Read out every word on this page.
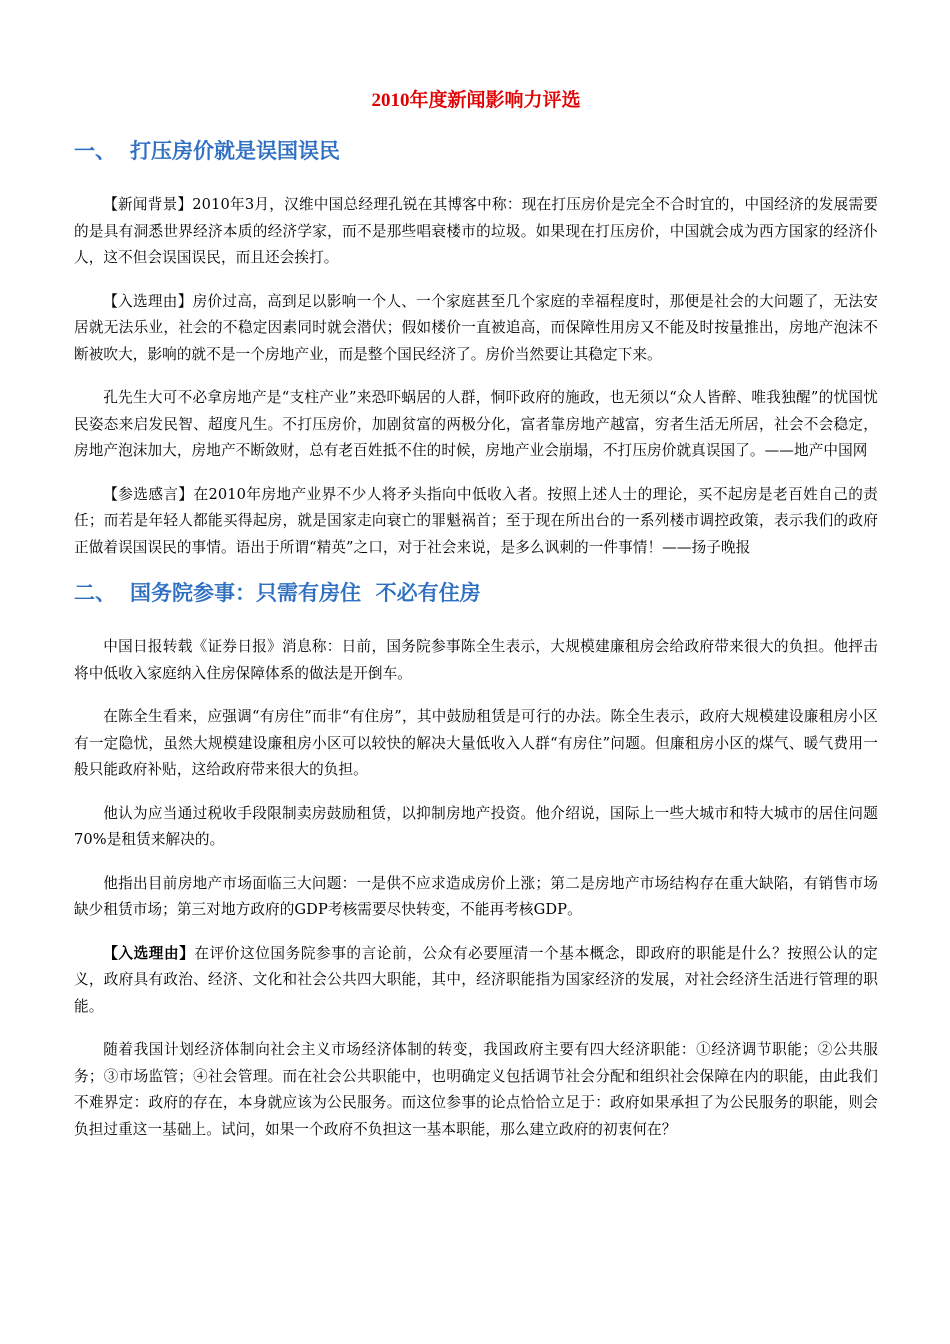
2010年度新闻影响力评选
一、 打压房价就是误国误民

【新闻背景】2010年3月，汉维中国总经理孔锐在其博客中称：现在打压房价是完全不合时宜的，中国经济的发展需要的是具有洞悉世界经济本质的经济学家，而不是那些唱衰楼市的垃圾。如果现在打压房价，中国就会成为西方国家的经济仆人，这不但会误国误民，而且还会挨打。

【入选理由】房价过高，高到足以影响一个人、一个家庭甚至几个家庭的幸福程度时，那便是社会的大问题了，无法安居就无法乐业，社会的不稳定因素同时就会潜伏；假如楼价一直被追高，而保障性用房又不能及时按量推出，房地产泡沫不断被吹大，影响的就不是一个房地产业，而是整个国民经济了。房价当然要让其稳定下来。

孔先生大可不必拿房地产是“支柱产业”来恐吓蜗居的人群，恫吓政府的施政，也无须以“众人皆醉、唯我独醒”的忧国忧民姿态来启发民智、超度凡生。不打压房价，加剧贫富的两极分化，富者靠房地产越富，穷者生活无所居，社会不会稳定，房地产泡沫加大，房地产不断敛财，总有老百姓抵不住的时候，房地产业会崩塌，不打压房价就真误国了。——地产中国网

【参选感言】在2010年房地产业界不少人将矛头指向中低收入者。按照上述人士的理论，买不起房是老百姓自己的责任；而若是年轻人都能买得起房，就是国家走向衰亡的罪魁祸首；至于现在所出台的一系列楼市调控政策，表示我们的政府正做着误国误民的事情。语出于所谓“精英”之口，对于社会来说，是多么讽刺的一件事情！——扬子晚报

二、 国务院参事：只需有房住  不必有住房

中国日报转载《证券日报》消息称：日前，国务院参事陈全生表示，大规模建廉租房会给政府带来很大的负担。他抨击将中低收入家庭纳入住房保障体系的做法是开倒车。

在陈全生看来，应强调“有房住”而非“有住房”，其中鼓励租赁是可行的办法。陈全生表示，政府大规模建设廉租房小区有一定隐忧，虽然大规模建设廉租房小区可以较快的解决大量低收入人群“有房住”问题。但廉租房小区的煤气、暖气费用一般只能政府补贴，这给政府带来很大的负担。

他认为应当通过税收手段限制卖房鼓励租赁，以抑制房地产投资。他介绍说，国际上一些大城市和特大城市的居住问题70%是租赁来解决的。

他指出目前房地产市场面临三大问题：一是供不应求造成房价上涨；第二是房地产市场结构存在重大缺陷，有销售市场缺少租赁市场；第三对地方政府的GDP考核需要尽快转变，不能再考核GDP。

【入选理由】在评价这位国务院参事的言论前，公众有必要厘清一个基本概念，即政府的职能是什么？按照公认的定义，政府具有政治、经济、文化和社会公共四大职能，其中，经济职能指为国家经济的发展，对社会经济生活进行管理的职能。

随着我国计划经济体制向社会主义市场经济体制的转变，我国政府主要有四大经济职能：①经济调节职能；②公共服务；③市场监管；④社会管理。而在社会公共职能中，也明确定义包括调节社会分配和组织社会保障在内的职能，由此我们不难界定：政府的存在，本身就应该为公民服务。而这位参事的论点恰恰立足于：政府如果承担了为公民服务的职能，则会负担过重这一基础上。试问，如果一个政府不负担这一基本职能，那么建立政府的初衷何在？
